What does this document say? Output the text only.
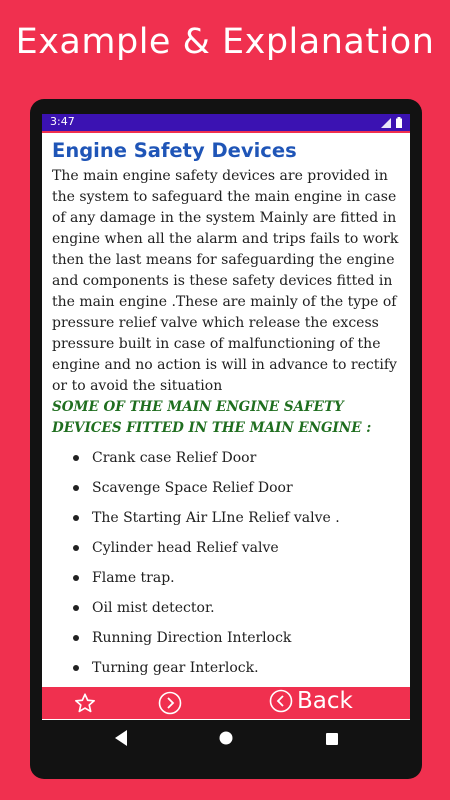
Example & Explanation
3:47
Engine Safety Devices

The main engine safety devices are provided in the system to safeguard the main engine in case of any damage in the system Mainly are fitted in engine when all the alarm and trips fails to work then the last means for safeguarding the engine and components is these safety devices fitted in the main engine .These are mainly of the type of pressure relief valve which release the excess pressure built in case of malfunctioning of the engine and no action is will in advance to rectify or to avoid the situation

SOME OF THE MAIN ENGINE SAFETY DEVICES FITTED IN THE MAIN ENGINE :

Crank case Relief Door
Scavenge Space Relief Door
The Starting Air LIne Relief valve .
Cylinder head Relief valve
Flame trap.
Oil mist detector.
Running Direction Interlock
Turning gear Interlock.
Back
